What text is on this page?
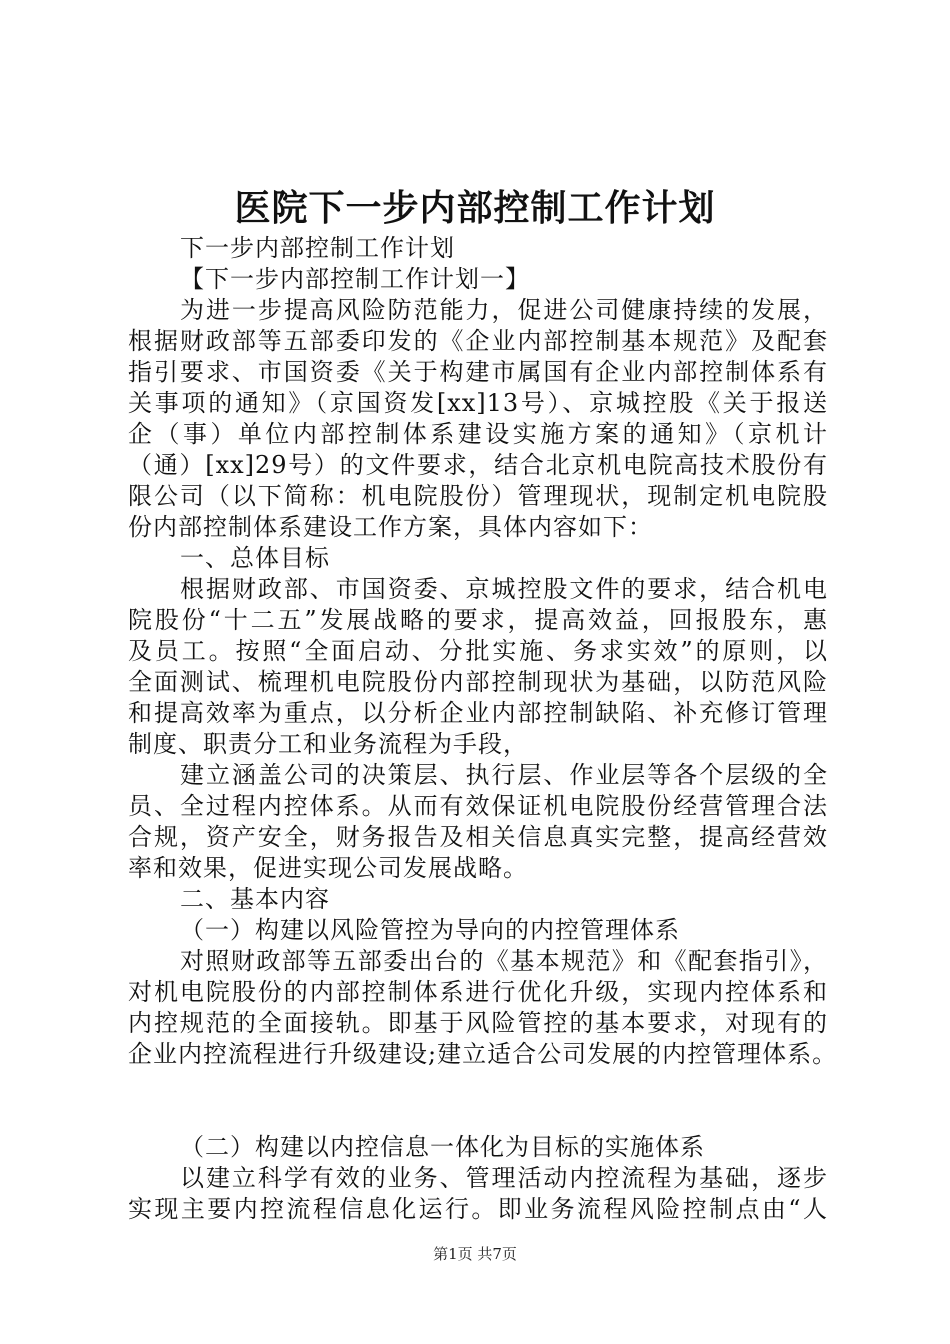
医院下一步内部控制工作计划
下一步内部控制工作计划
【下一步内部控制工作计划一】
为进一步提高风险防范能力，促进公司健康持续的发展，
根据财政部等五部委印发的《企业内部控制基本规范》及配套
指引要求、市国资委《关于构建市属国有企业内部控制体系有
关事项的通知》（京国资发[xx]13号）、京城控股《关于报送
企（事）单位内部控制体系建设实施方案的通知》（京机计
（通）[xx]29号）的文件要求，结合北京机电院高技术股份有
限公司（以下简称：机电院股份）管理现状，现制定机电院股
份内部控制体系建设工作方案，具体内容如下：
一、总体目标
根据财政部、市国资委、京城控股文件的要求，结合机电
院股份“十二五”发展战略的要求，提高效益，回报股东，惠
及员工。按照“全面启动、分批实施、务求实效”的原则，以
全面测试、梳理机电院股份内部控制现状为基础，以防范风险
和提高效率为重点，以分析企业内部控制缺陷、补充修订管理
制度、职责分工和业务流程为手段，
建立涵盖公司的决策层、执行层、作业层等各个层级的全
员、全过程内控体系。从而有效保证机电院股份经营管理合法
合规，资产安全，财务报告及相关信息真实完整，提高经营效
率和效果，促进实现公司发展战略。
二、基本内容
（一）构建以风险管控为导向的内控管理体系
对照财政部等五部委出台的《基本规范》和《配套指引》，
对机电院股份的内部控制体系进行优化升级，实现内控体系和
内控规范的全面接轨。即基于风险管控的基本要求，对现有的
企业内控流程进行升级建设;建立适合公司发展的内控管理体系。
（二）构建以内控信息一体化为目标的实施体系
以建立科学有效的业务、管理活动内控流程为基础，逐步
实现主要内控流程信息化运行。即业务流程风险控制点由“人
第1页 共7页
